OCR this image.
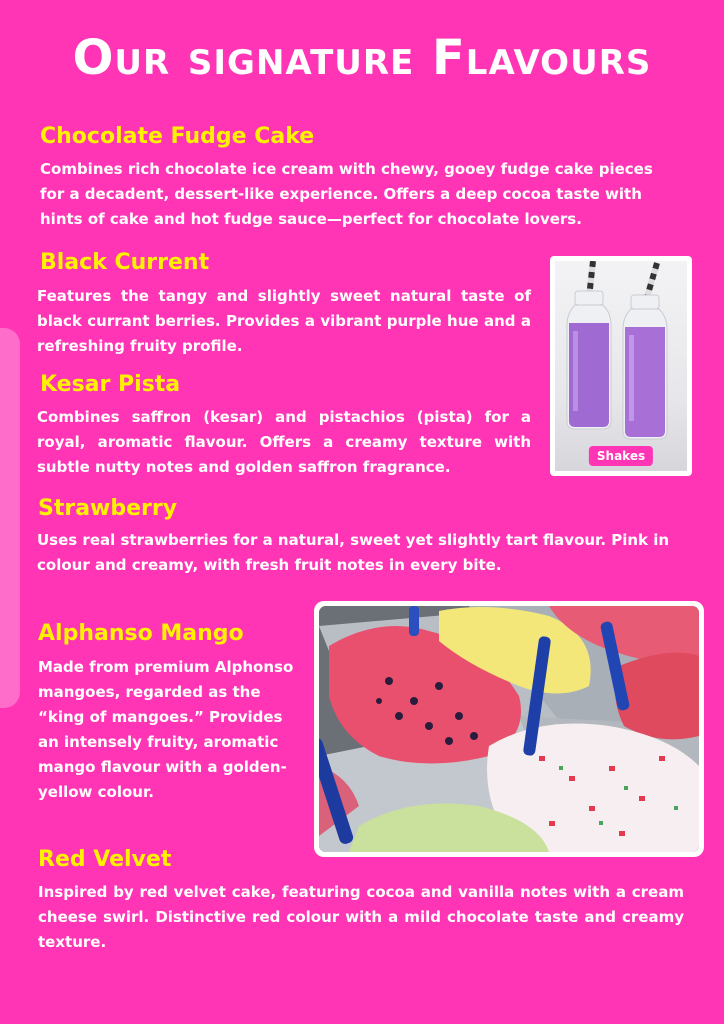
Our signature Flavours
Chocolate Fudge Cake
Combines rich chocolate ice cream with chewy, gooey fudge cake pieces for a decadent, dessert-like experience. Offers a deep cocoa taste with hints of cake and hot fudge sauce—perfect for chocolate lovers.
Black Current
Features the tangy and slightly sweet natural taste of black currant berries. Provides a vibrant purple hue and a refreshing fruity profile.
Kesar Pista
Combines saffron (kesar) and pistachios (pista) for a royal, aromatic flavour. Offers a creamy texture with subtle nutty notes and golden saffron fragrance.
Strawberry
Uses real strawberries for a natural, sweet yet slightly tart flavour. Pink in colour and creamy, with fresh fruit notes in every bite.
Alphanso Mango
Made from premium Alphonso mangoes, regarded as the “king of mangoes.” Provides an intensely fruity, aromatic mango flavour with a golden-yellow colour.
Red Velvet
Inspired by red velvet cake, featuring cocoa and vanilla notes with a cream cheese swirl. Distinctive red colour with a mild chocolate taste and creamy texture.
Shakes
